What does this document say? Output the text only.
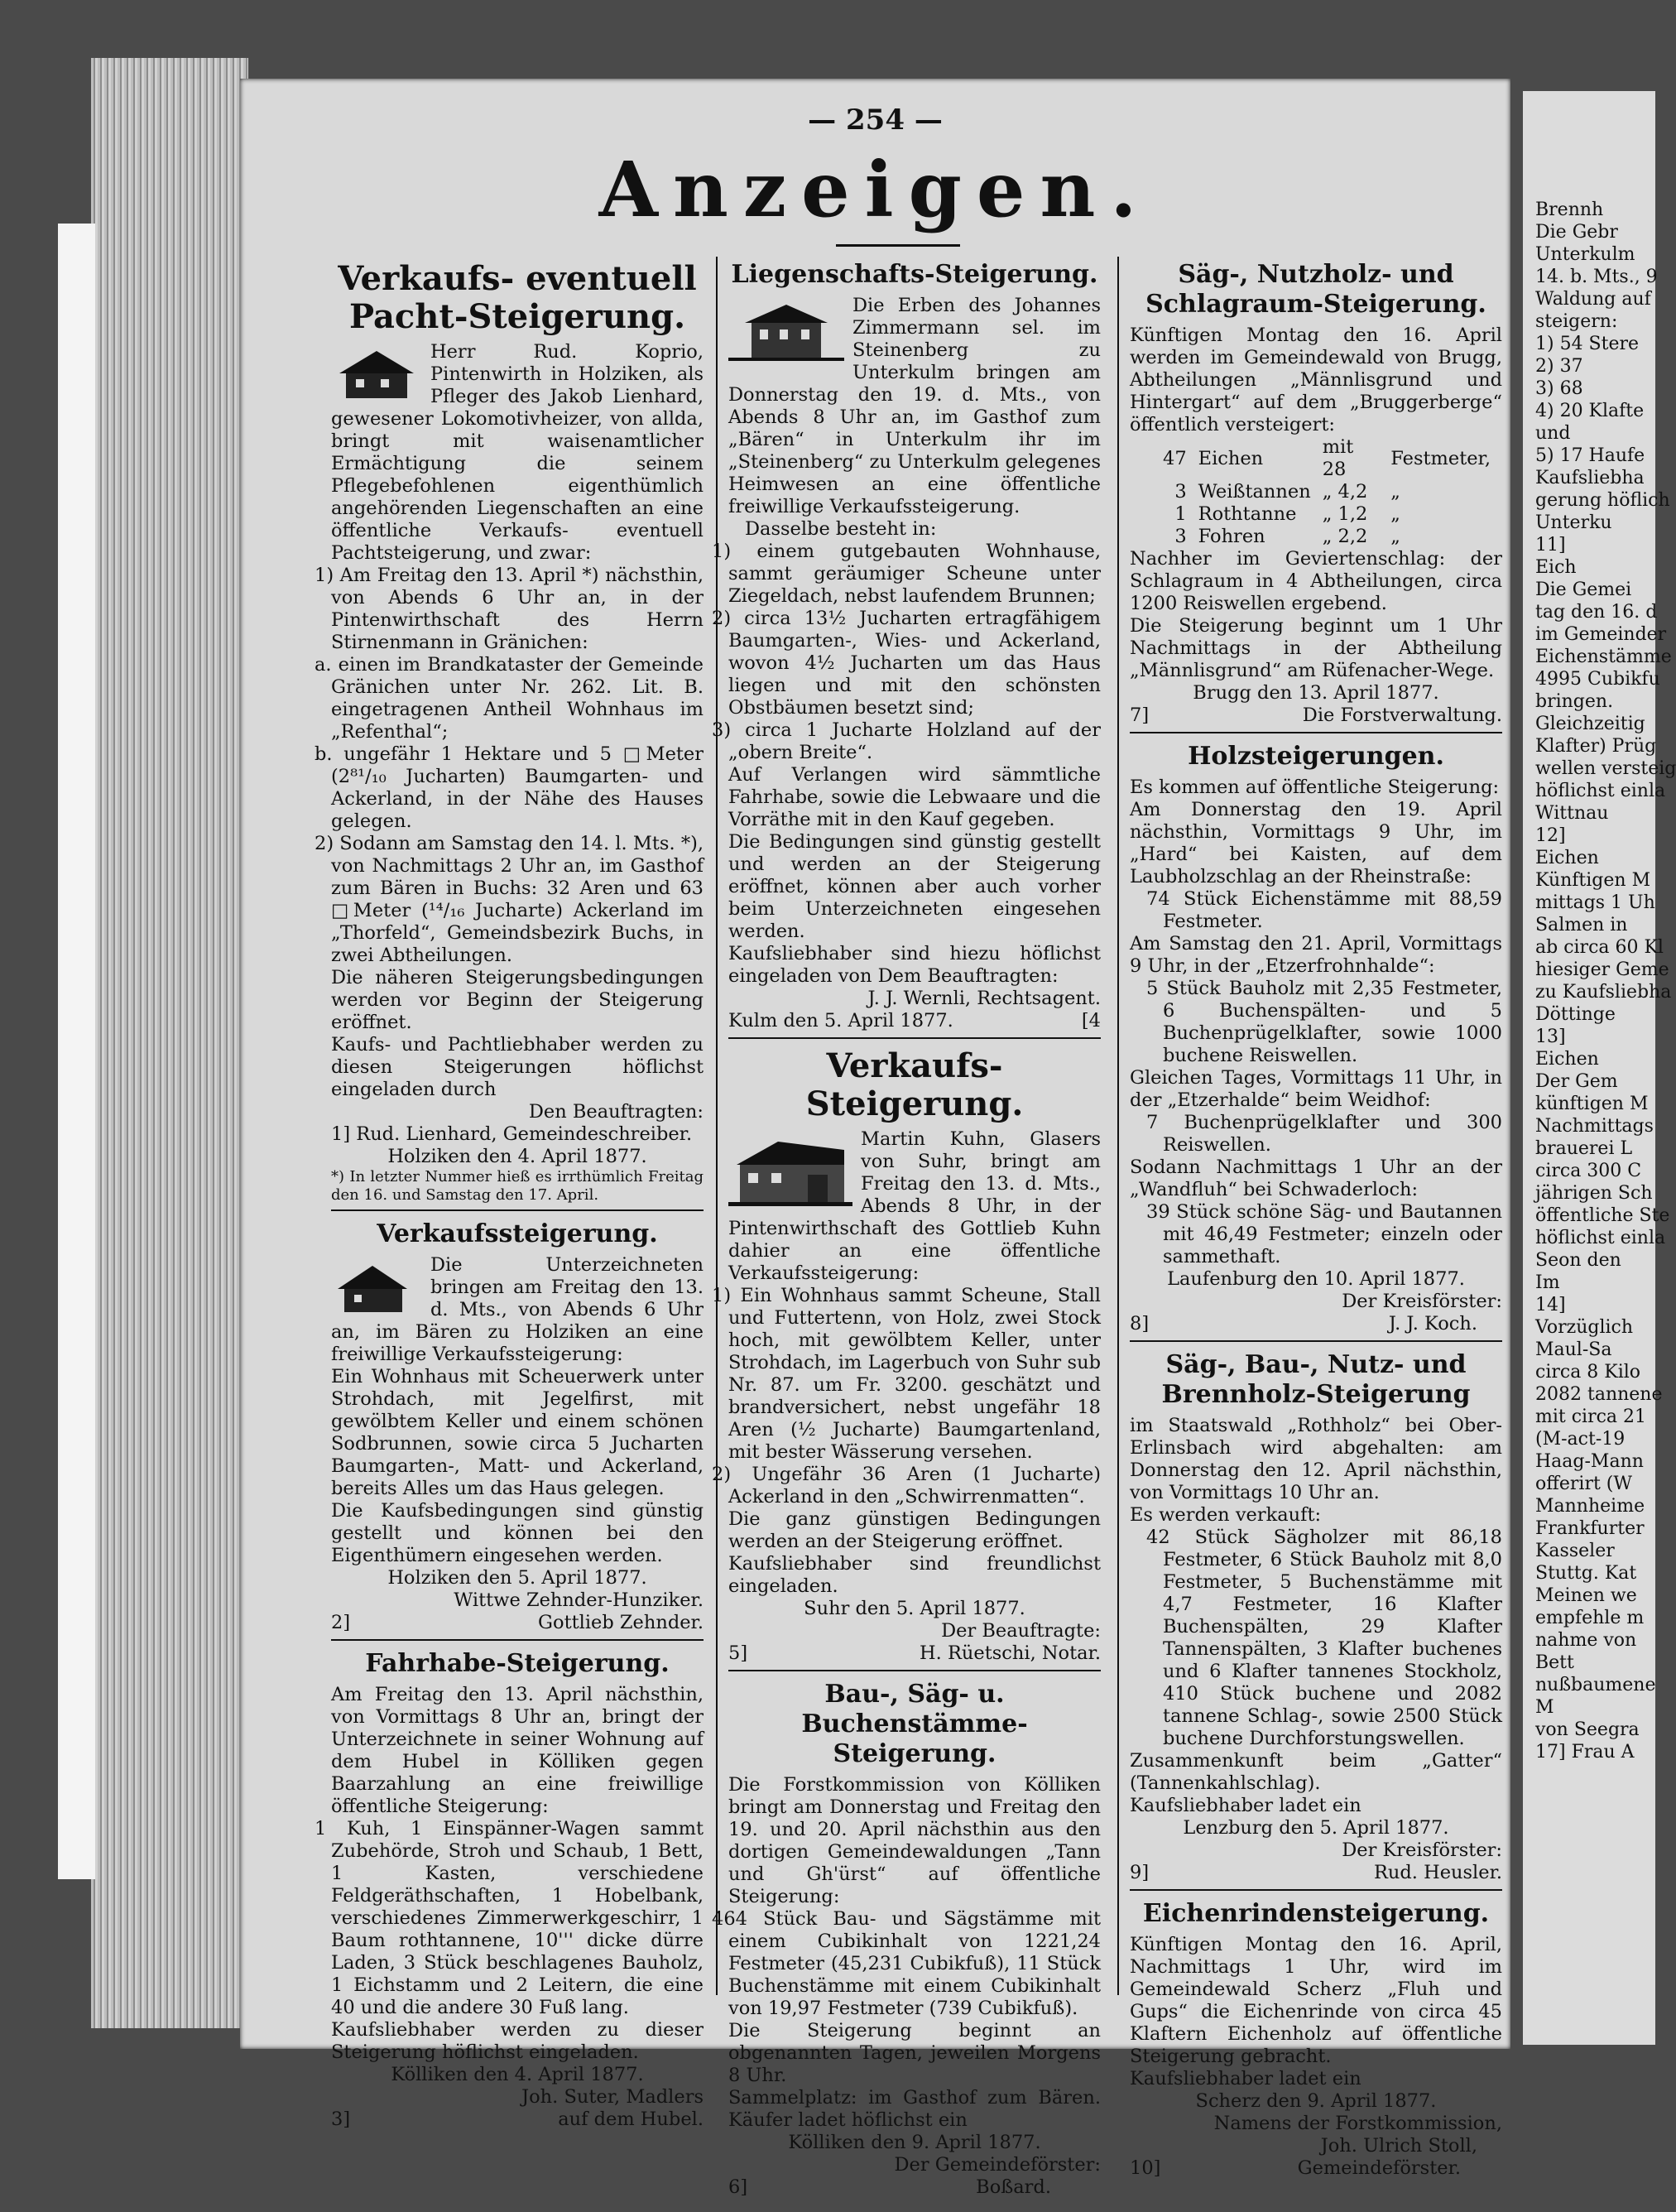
— 254 —
Anzeigen.
Verkaufs- eventuell Pacht-Steigerung.

Herr Rud. Koprio, Pintenwirth in Holziken, als Pfleger des Jakob Lienhard, gewesener Lokomotivheizer, von allda, bringt mit waisenamtlicher Ermächtigung die seinem Pflegebefohlenen eigenthümlich angehörenden Liegenschaften an eine öffentliche Verkaufs- eventuell Pachtsteigerung, und zwar:

1) Am Freitag den 13. April *) nächsthin, von Abends 6 Uhr an, in der Pintenwirthschaft des Herrn Stirnenmann in Gränichen:

a. einen im Brandkataster der Gemeinde Gränichen unter Nr. 262. Lit. B. eingetragenen Antheil Wohnhaus im „Refenthal“;

b. ungefähr 1 Hektare und 5 □Meter (2⁸¹/₁₀ Jucharten) Baumgarten- und Ackerland, in der Nähe des Hauses gelegen.

2) Sodann am Samstag den 14. l. Mts. *), von Nachmittags 2 Uhr an, im Gasthof zum Bären in Buchs: 32 Aren und 63 □Meter (¹⁴/₁₆ Jucharte) Ackerland im „Thorfeld“, Gemeindsbezirk Buchs, in zwei Abtheilungen.

Die näheren Steigerungsbedingungen werden vor Beginn der Steigerung eröffnet.

Kaufs- und Pachtliebhaber werden zu diesen Steigerungen höflichst eingeladen durch

Den Beauftragten:

1] Rud. Lienhard, Gemeindeschreiber.

Holziken den 4. April 1877.

*) In letzter Nummer hieß es irrthümlich Freitag den 16. und Samstag den 17. April.

Verkaufssteigerung.

Die Unterzeichneten bringen am Freitag den 13. d. Mts., von Abends 6 Uhr an, im Bären zu Holziken an eine freiwillige Verkaufssteigerung:

Ein Wohnhaus mit Scheuerwerk unter Strohdach, mit Jegelfirst, mit gewölbtem Keller und einem schönen Sodbrunnen, sowie circa 5 Jucharten Baumgarten-, Matt- und Ackerland, bereits Alles um das Haus gelegen.

Die Kaufsbedingungen sind günstig gestellt und können bei den Eigenthümern eingesehen werden.

Holziken den 5. April 1877.

Wittwe Zehnder-Hunziker.

2]	Gottlieb Zehnder.

Fahrhabe-Steigerung.

Am Freitag den 13. April nächsthin, von Vormittags 8 Uhr an, bringt der Unterzeichnete in seiner Wohnung auf dem Hubel in Kölliken gegen Baarzahlung an eine freiwillige öffentliche Steigerung:

1 Kuh, 1 Einspänner-Wagen sammt Zubehörde, Stroh und Schaub, 1 Bett, 1 Kasten, verschiedene Feldgeräthschaften, 1 Hobelbank, verschiedenes Zimmerwerkgeschirr, 1 Baum rothtannene, 10''' dicke dürre Laden, 3 Stück beschlagenes Bauholz, 1 Eichstamm und 2 Leitern, die eine 40 und die andere 30 Fuß lang.

Kaufsliebhaber werden zu dieser Steigerung höflichst eingeladen.

Kölliken den 4. April 1877.

Joh. Suter, Madlers

3]	auf dem Hubel.

Liegenschafts-Steigerung.

Die Erben des Johannes Zimmermann sel. im Steinenberg zu Unterkulm bringen am Donnerstag den 19. d. Mts., von Abends 8 Uhr an, im Gasthof zum „Bären“ in Unterkulm ihr im „Steinenberg“ zu Unterkulm gelegenes Heimwesen an eine öffentliche freiwillige Verkaufssteigerung.

Dasselbe besteht in:

1) einem gutgebauten Wohnhause, sammt geräumiger Scheune unter Ziegeldach, nebst laufendem Brunnen;

2) circa 13½ Jucharten ertragfähigem Baumgarten-, Wies- und Ackerland, wovon 4½ Jucharten um das Haus liegen und mit den schönsten Obstbäumen besetzt sind;

3) circa 1 Jucharte Holzland auf der „obern Breite“.

Auf Verlangen wird sämmtliche Fahrhabe, sowie die Lebwaare und die Vorräthe mit in den Kauf gegeben.

Die Bedingungen sind günstig gestellt und werden an der Steigerung eröffnet, können aber auch vorher beim Unterzeichneten eingesehen werden.

Kaufsliebhaber sind hiezu höflichst eingeladen von Dem Beauftragten:

J. J. Wernli, Rechtsagent.

Kulm den 5. April 1877.	[4

Verkaufs-Steigerung.

Martin Kuhn, Glasers von Suhr, bringt am Freitag den 13. d. Mts., Abends 8 Uhr, in der Pintenwirthschaft des Gottlieb Kuhn dahier an eine öffentliche Verkaufssteigerung:

1) Ein Wohnhaus sammt Scheune, Stall und Futtertenn, von Holz, zwei Stock hoch, mit gewölbtem Keller, unter Strohdach, im Lagerbuch von Suhr sub Nr. 87. um Fr. 3200. geschätzt und brandversichert, nebst ungefähr 18 Aren (½ Jucharte) Baumgartenland, mit bester Wässerung versehen.

2) Ungefähr 36 Aren (1 Jucharte) Ackerland in den „Schwirrenmatten“.

Die ganz günstigen Bedingungen werden an der Steigerung eröffnet.

Kaufsliebhaber sind freundlichst eingeladen.

Suhr den 5. April 1877.

Der Beauftragte:

5]	H. Rüetschi, Notar.

Bau-, Säg- u. Buchenstämme-Steigerung.

Die Forstkommission von Kölliken bringt am Donnerstag und Freitag den 19. und 20. April nächsthin aus den dortigen Gemeindewaldungen „Tann und Gh'ürst“ auf öffentliche Steigerung:

464 Stück Bau- und Sägstämme mit einem Cubikinhalt von 1221,24 Festmeter (45,231 Cubikfuß), 11 Stück Buchenstämme mit einem Cubikinhalt von 19,97 Festmeter (739 Cubikfuß).

Die Steigerung beginnt an obgenannten Tagen, jeweilen Morgens 8 Uhr.

Sammelplatz: im Gasthof zum Bären. Käufer ladet höflichst ein

Kölliken den 9. April 1877.

Der Gemeindeförster:

6]	Boßard.

Säg-, Nutzholz- und Schlagraum-Steigerung.

Künftigen Montag den 16. April werden im Gemeindewald von Brugg, Abtheilungen „Männlisgrund und Hintergart“ auf dem „Bruggerberge“ öffentlich versteigert:

47	Eichen	mit 28	Festmeter,
3	Weißtannen	„ 4,2	„
1	Rothtanne	„ 1,2	„
3	Fohren	„ 2,2	„

Nachher im Geviertenschlag: der Schlagraum in 4 Abtheilungen, circa 1200 Reiswellen ergebend.

Die Steigerung beginnt um 1 Uhr Nachmittags in der Abtheilung „Männlisgrund“ am Rüfenacher-Wege.

Brugg den 13. April 1877.

7]	Die Forstverwaltung.

Holzsteigerungen.

Es kommen auf öffentliche Steigerung:

Am Donnerstag den 19. April nächsthin, Vormittags 9 Uhr, im „Hard“ bei Kaisten, auf dem Laubholzschlag an der Rheinstraße:

74 Stück Eichenstämme mit 88,59 Festmeter.

Am Samstag den 21. April, Vormittags 9 Uhr, in der „Etzerfrohnhalde“:

5 Stück Bauholz mit 2,35 Festmeter, 6 Buchenspälten- und 5 Buchenprügelklafter, sowie 1000 buchene Reiswellen.

Gleichen Tages, Vormittags 11 Uhr, in der „Etzerhalde“ beim Weidhof:

7 Buchenprügelklafter und 300 Reiswellen.

Sodann Nachmittags 1 Uhr an der „Wandfluh“ bei Schwaderloch:

39 Stück schöne Säg- und Bautannen mit 46,49 Festmeter; einzeln oder sammethaft.

Laufenburg den 10. April 1877.

Der Kreisförster:

8]	J. J. Koch.

Säg-, Bau-, Nutz- und Brennholz-Steigerung

im Staatswald „Rothholz“ bei Ober-Erlinsbach wird abgehalten: am Donnerstag den 12. April nächsthin, von Vormittags 10 Uhr an.

Es werden verkauft:

42 Stück Sägholzer mit 86,18 Festmeter, 6 Stück Bauholz mit 8,0 Festmeter, 5 Buchenstämme mit 4,7 Festmeter, 16 Klafter Buchenspälten, 29 Klafter Tannenspälten, 3 Klafter buchenes und 6 Klafter tannenes Stockholz, 410 Stück buchene und 2082 tannene Schlag-, sowie 2500 Stück buchene Durchforstungswellen.

Zusammenkunft beim „Gatter“ (Tannenkahlschlag).

Kaufsliebhaber ladet ein

Lenzburg den 5. April 1877.

Der Kreisförster:

9]	Rud. Heusler.

Eichenrindensteigerung.

Künftigen Montag den 16. April, Nachmittags 1 Uhr, wird im Gemeindewald Scherz „Fluh und Gups“ die Eichenrinde von circa 45 Klaftern Eichenholz auf öffentliche Steigerung gebracht.

Kaufsliebhaber ladet ein

Scherz den 9. April 1877.

Namens der Forstkommission,

Joh. Ulrich Stoll,

10]	Gemeindeförster.

Brennh
Die Gebr
Unterkulm
14. b. Mts., 9
Waldung auf
steigern:
1) 54 Stere
2) 37
3) 68
4) 20 Klafte
und
5) 17 Haufe
Kaufsliebha
gerung höflich
Unterku
11]
Eich
Die Gemei
tag den 16. d
im Gemeinder
Eichenstämme
4995 Cubikfu
bringen.
Gleichzeitig
Klafter) Prüg
wellen versteig
höflichst einla
Wittnau
12]
Eichen
Künftigen M
mittags 1 Uh
Salmen in
ab circa 60 Kl
hiesiger Geme
zu Kaufsliebha
Döttinge
13]
Eichen
Der Gem
künftigen M
Nachmittags
brauerei L
circa 300 C
jährigen Sch
öffentliche Ste
höflichst einla
Seon den
Im
14]
Vorzüglich
Maul-Sa
circa 8 Kilo
2082 tannene
mit circa 21
(M-act-19
Haag-Mann
offerirt (W
Mannheime
Frankfurter
Kasseler
Stuttg. Kat
Meinen we
empfehle m
nahme von
Bett
nußbaumene
M
von Seegra
17] Frau A
